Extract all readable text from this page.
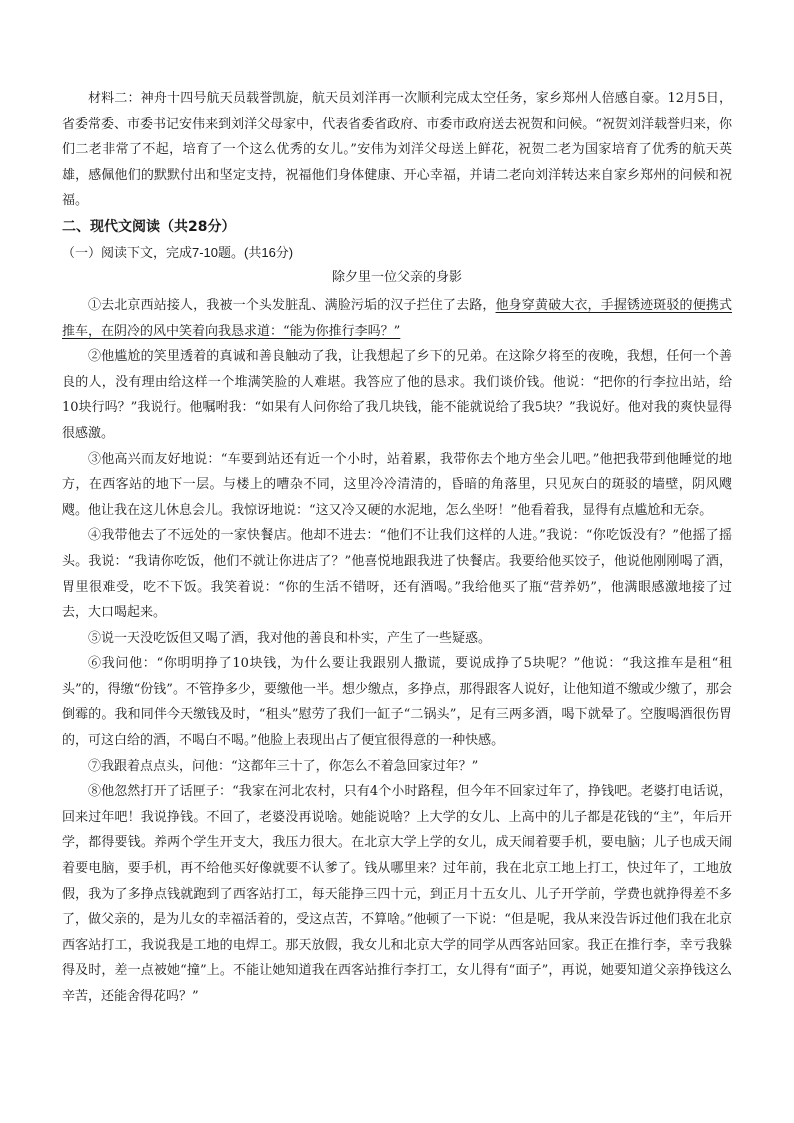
材料二：神舟十四号航天员载誉凯旋，航天员刘洋再一次顺利完成太空任务，家乡郑州人倍感自豪。12月5日，省委常委、市委书记安伟来到刘洋父母家中，代表省委省政府、市委市政府送去祝贺和问候。“祝贺刘洋载誉归来，你们二老非常了不起，培育了一个这么优秀的女儿。”安伟为刘洋父母送上鲜花，祝贺二老为国家培育了优秀的航天英雄，感佩他们的默默付出和坚定支持，祝福他们身体健康、开心幸福，并请二老向刘洋转达来自家乡郑州的问候和祝福。

二、现代文阅读（共28分）
（一）阅读下文，完成7-10题。(共16分)
除夕里一位父亲的身影

①去北京西站接人，我被一个头发脏乱、满脸污垢的汉子拦住了去路，他身穿黄破大衣，手握锈迹斑驳的便携式推车，在阴冷的风中笑着向我恳求道：“能为你推行李吗？”

②他尴尬的笑里透着的真诚和善良触动了我，让我想起了乡下的兄弟。在这除夕将至的夜晚，我想，任何一个善良的人，没有理由给这样一个堆满笑脸的人难堪。我答应了他的恳求。我们谈价钱。他说：“把你的行李拉出站，给10块行吗？”我说行。他嘱咐我：“如果有人问你给了我几块钱，能不能就说给了我5块？”我说好。他对我的爽快显得很感激。

③他高兴而友好地说：“车要到站还有近一个小时，站着累，我带你去个地方坐会儿吧。”他把我带到他睡觉的地方，在西客站的地下一层。与楼上的嘈杂不同，这里冷冷清清的，昏暗的角落里，只见灰白的斑驳的墙壁，阴风飕飕。他让我在这儿休息会儿。我惊讶地说：“这又冷又硬的水泥地，怎么坐呀！”他看着我，显得有点尴尬和无奈。

④我带他去了不远处的一家快餐店。他却不进去：“他们不让我们这样的人进。”我说：“你吃饭没有？”他摇了摇头。我说：“我请你吃饭，他们不就让你进店了？”他喜悦地跟我进了快餐店。我要给他买饺子，他说他刚刚喝了酒，胃里很难受，吃不下饭。我笑着说：“你的生活不错呀，还有酒喝。”我给他买了瓶“营养奶”，他满眼感激地接了过去，大口喝起来。

⑤说一天没吃饭但又喝了酒，我对他的善良和朴实，产生了一些疑惑。

⑥我问他：“你明明挣了10块钱，为什么要让我跟别人撒谎，要说成挣了5块呢？”他说：“我这推车是租“租头”的，得缴“份钱”。不管挣多少，要缴他一半。想少缴点，多挣点，那得跟客人说好，让他知道不缴或少缴了，那会倒霉的。我和同伴今天缴钱及时，“租头”慰劳了我们一缸子“二锅头”，足有三两多酒，喝下就晕了。空腹喝酒很伤胃的，可这白给的酒，不喝白不喝。”他脸上表现出占了便宜很得意的一种快感。

⑦我跟着点点头，问他：“这都年三十了，你怎么不着急回家过年？”

⑧他忽然打开了话匣子：“我家在河北农村，只有4个小时路程，但今年不回家过年了，挣钱吧。老婆打电话说，回来过年吧！我说挣钱。不回了，老婆没再说啥。她能说啥？上大学的女儿、上高中的儿子都是花钱的“主”，年后开学，都得要钱。养两个学生开支大，我压力很大。在北京大学上学的女儿，成天闹着要手机，要电脑；儿子也成天闹着要电脑，要手机，再不给他买好像就要不认爹了。钱从哪里来？过年前，我在北京工地上打工，快过年了，工地放假，我为了多挣点钱就跑到了西客站打工，每天能挣三四十元，到正月十五女儿、儿子开学前，学费也就挣得差不多了，做父亲的，是为儿女的幸福活着的，受这点苦，不算啥。”他顿了一下说：“但是呢，我从来没告诉过他们我在北京西客站打工，我说我是工地的电焊工。那天放假，我女儿和北京大学的同学从西客站回家。我正在推行李，幸亏我躲得及时，差一点被她“撞”上。不能让她知道我在西客站推行李打工，女儿得有“面子”，再说，她要知道父亲挣钱这么辛苦，还能舍得花吗？”
